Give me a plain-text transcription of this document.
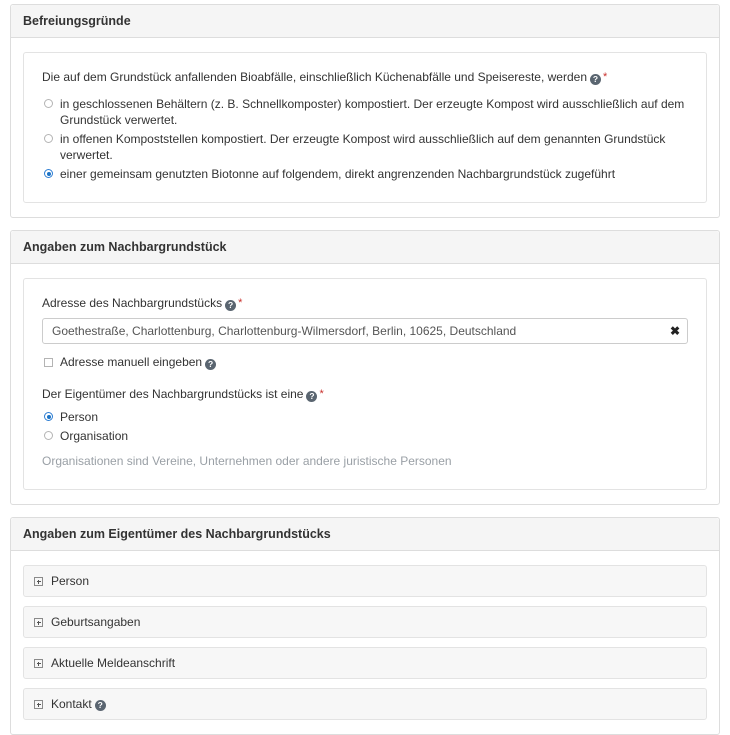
Befreiungsgründe
Die auf dem Grundstück anfallenden Bioabfälle, einschließlich Küchenabfälle und Speisereste, werden ? *
in geschlossenen Behältern (z. B. Schnellkomposter) kompostiert. Der erzeugte Kompost wird ausschließlich auf dem Grundstück verwertet.
in offenen Kompoststellen kompostiert. Der erzeugte Kompost wird ausschließlich auf dem genannten Grundstück verwertet.
einer gemeinsam genutzten Biotonne auf folgendem, direkt angrenzenden Nachbargrundstück zugeführt
Angaben zum Nachbargrundstück
Adresse des Nachbargrundstücks ? *
Goethestraße, Charlottenburg, Charlottenburg-Wilmersdorf, Berlin, 10625, Deutschland
✖
Adresse manuell eingeben ?
Der Eigentümer des Nachbargrundstücks ist eine ? *
Person
Organisation
Organisationen sind Vereine, Unternehmen oder andere juristische Personen
Angaben zum Eigentümer des Nachbargrundstücks
Person
Geburtsangaben
Aktuelle Meldeanschrift
Kontakt ?
